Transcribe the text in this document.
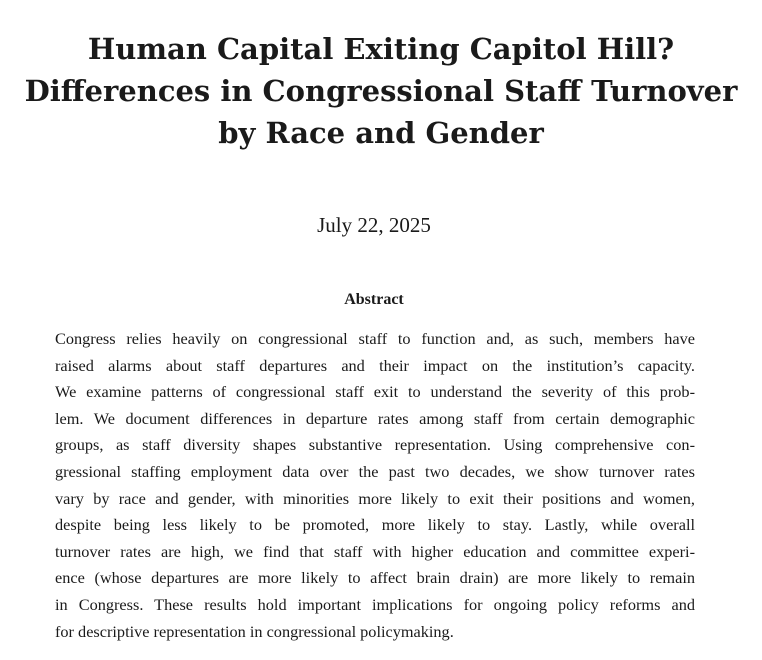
Human Capital Exiting Capitol Hill?
Differences in Congressional Staff Turnover
by Race and Gender
July 22, 2025
Abstract

Congress relies heavily on congressional staff to function and, as such, members have
raised alarms about staff departures and their impact on the institution’s capacity.
We examine patterns of congressional staff exit to understand the severity of this prob-
lem. We document differences in departure rates among staff from certain demographic
groups, as staff diversity shapes substantive representation. Using comprehensive con-
gressional staffing employment data over the past two decades, we show turnover rates
vary by race and gender, with minorities more likely to exit their positions and women,
despite being less likely to be promoted, more likely to stay. Lastly, while overall
turnover rates are high, we find that staff with higher education and committee experi-
ence (whose departures are more likely to affect brain drain) are more likely to remain
in Congress. These results hold important implications for ongoing policy reforms and
for descriptive representation in congressional policymaking.
